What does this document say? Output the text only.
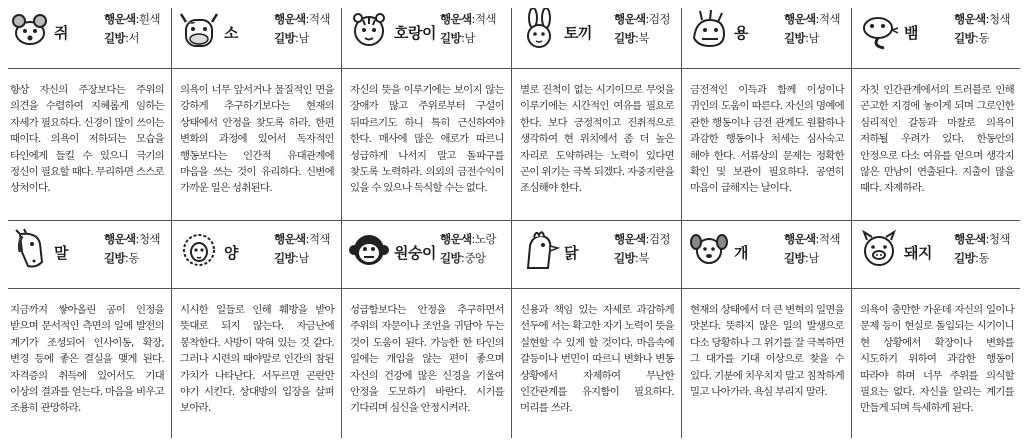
쥐
행운색:흰색
길방:서
항상 자신의 주장보다는 주위의 의견을 수렴하여 지혜롭게 임하는 자세가 필요하다. 신경이 많이 쓰이는 때이다. 의욕이 저하되는 모습을 타인에게 들킬 수 있으니 극기의 정신이 필요할 때다. 무리하면 스스로 상처이다.
소
행운색:적색
길방:남
의욕이 너무 앞서거나 물질적인 면을 강하게 추구하기보다는 현재의 상태에서 안정을 찾도록 하라. 한편 변화의 과정에 있어서 독자적인 행동보다는 인간적 유대관계에 마음을 쓰는 것이 유리하다. 신변에 가까운 일은 성취된다.
호랑이
행운색:적색
길방:남
자신의 뜻을 이루기에는 보이지 않는 장애가 많고 주위로부터 구설이 뒤따르기도 하니 특히 근신하여야 한다. 매사에 많은 애로가 따르니 성급하게 나서지 말고 돌파구를 찾도록 노력하라. 의외의 금전수익이 있을 수 있으나 독식할 수는 없다.
토끼
행운색:검정
길방:북
별로 진척이 없는 시기이므로 무엇을 이루기에는 시간적인 여유를 필요로 한다. 보다 긍정적이고 진취적으로 생각하여 현 위치에서 좀 더 높은 자리로 도약하려는 노력이 있다면 곤이 위기는 극복 되겠다. 자중지란을 조심해야 한다.
용
행운색:적색
길방:남
금전적인 이득과 함께 이성이나 귀인의 도움이 따른다. 자신의 명예에 관한 행동이나 금전 관계도 원활하나 과감한 행동이나 처세는 심사숙고 해야 한다. 서류상의 문제는 정확한 확인 및 보관이 필요하다. 공연히 마음이 급해지는 날이다.
뱀
행운색:청색
길방:동
자칫 인간관계에서의 트러블로 인해 곤고한 지경에 놓이게 되며 그로인한 심리적인 갈등과 마찰로 의욕이 저하될 우려가 있다. 한동안의 안정으로 다소 여유를 얻으며 생각지 않은 만남이 연출된다. 지출이 많을 때다. 자제하라.
말
행운색:청색
길방:동
지금까지 쌓아올린 공이 인정을 받으며 문서적인 측면의 일에 발전의 계기가 조성되어 인사이동, 확장, 변경 등에 좋은 결실을 맺게 된다. 자격증의 취득에 있어서도 기대 이상의 결과를 얻는다. 마음을 비우고 조용히 관망하라.
양
행운색:적색
길방:남
시시한 일들로 인해 훼방을 받아 뜻대로 되지 않는다. 자금난에 봉착한다. 사방이 막혀 있는 것 같다. 그러나 시련의 때야말로 인간의 참된 가치가 나타난다. 서두르면 곤란만 야기 시킨다. 상대방의 입장을 살펴 보아라.
원숭이
행운색:노랑
길방:중앙
성급함보다는 안정을 추구하면서 주위의 자문이나 조언을 귀담아 두는 것이 도움이 된다. 가능한 한 타인의 일에는 개입을 않는 편이 좋으며 자신의 건강에 많은 신경을 기울여 안정을 도모하기 바란다. 시기를 기다리며 심신을 안정시켜라.
닭
행운색:검정
길방:북
신용과 책임 있는 자세로 과감하게 선두에 서는 확고한 자기 노력이 뜻을 실현할 수 있게 할 것이다. 마음속에 갈등이나 번민이 따르니 변화나 변동 상황에서 자제하여 무난한 인간관계를 유지함이 필요하다. 머리를 쓰라.
개
행운색:적색
길방:남
현재의 상태에서 더 큰 변혁의 일면을 맛본다. 뜻하지 않은 일의 발생으로 다소 당황하나 그 위기를 잘 극복하면 그 대가를 기대 이상으로 찾을 수 있다. 기분에 치우치지 말고 침착하게 밀고 나아가라. 욕심 부리지 말라.
돼지
행운색:청색
길방:동
의욕이 충만한 가운데 자신의 일이나 문제 등이 현실로 돌입되는 시기이니 현 상황에서 확장이나 변화를 시도하기 위하여 과감한 행동이 따라야 하며 너무 주위를 의식할 필요는 없다. 자신을 알리는 계기를 만들게 되며 득세하게 된다.
